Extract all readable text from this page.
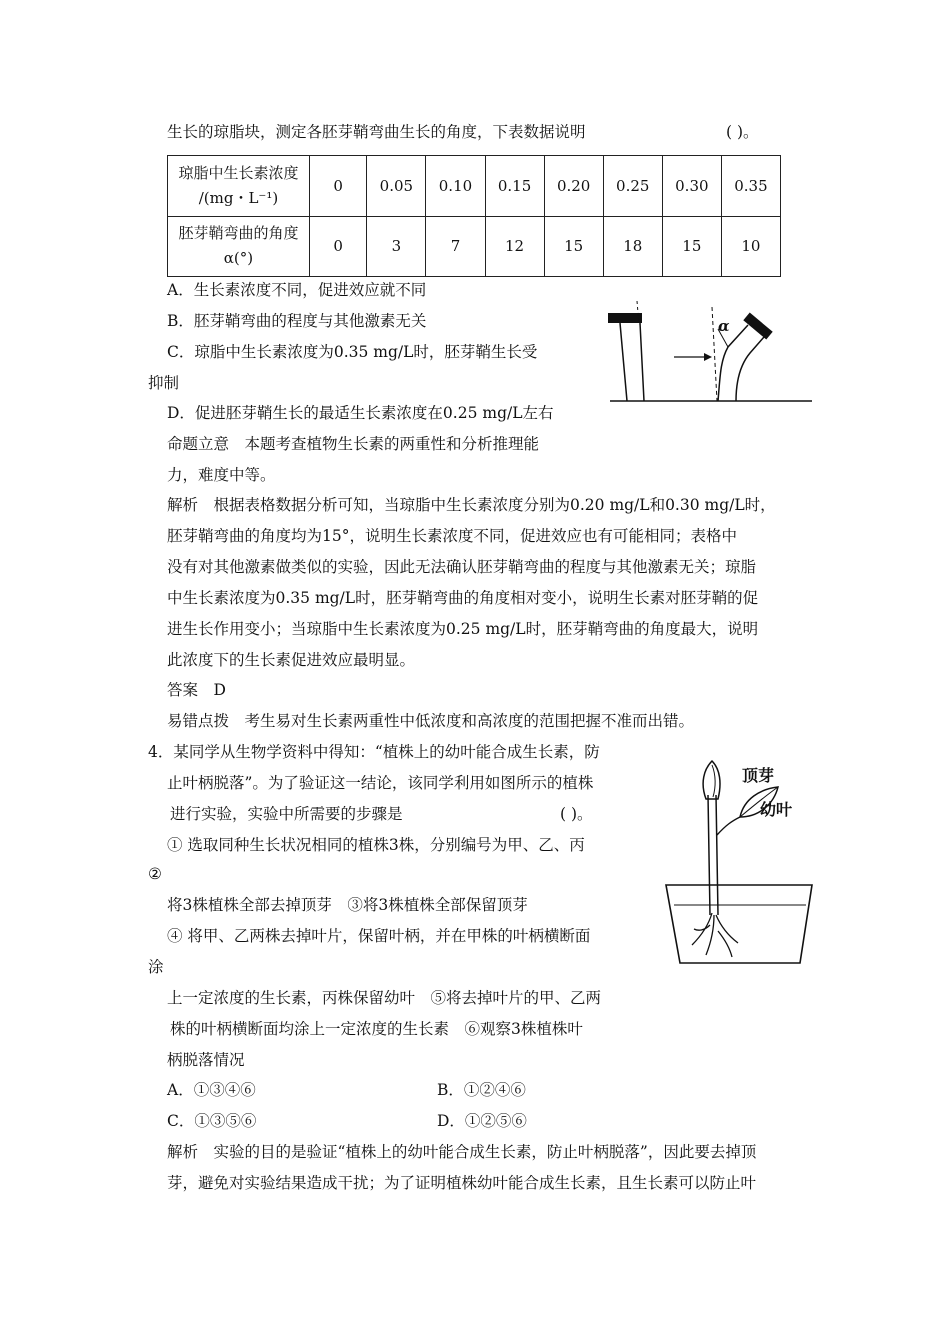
生长的琼脂块，测定各胚芽鞘弯曲生长的角度，下表数据说明	( )。
琼脂中生长素浓度
/(mg・L⁻¹)	0	0.05	0.10	0.15	0.20	0.25	0.30	0.35

胚芽鞘弯曲的角度
α(°)	0	3	7	12	15	18	15	10
A．生长素浓度不同，促进效应就不同
B．胚芽鞘弯曲的程度与其他激素无关
C．琼脂中生长素浓度为0.35 mg/L时，胚芽鞘生长受
抑制
D．促进胚芽鞘生长的最适生长素浓度在0.25 mg/L左右
命题立意　本题考查植物生长素的两重性和分析推理能
力，难度中等。
α
解析　根据表格数据分析可知，当琼脂中生长素浓度分别为0.20 mg/L和0.30 mg/L时，
胚芽鞘弯曲的角度均为15°，说明生长素浓度不同，促进效应也有可能相同；表格中
没有对其他激素做类似的实验，因此无法确认胚芽鞘弯曲的程度与其他激素无关；琼脂
中生长素浓度为0.35 mg/L时，胚芽鞘弯曲的角度相对变小，说明生长素对胚芽鞘的促
进生长作用变小；当琼脂中生长素浓度为0.25 mg/L时，胚芽鞘弯曲的角度最大，说明
此浓度下的生长素促进效应最明显。
答案　D
易错点拨　考生易对生长素两重性中低浓度和高浓度的范围把握不准而出错。
4．某同学从生物学资料中得知：“植株上的幼叶能合成生长素，防
止叶柄脱落”。为了验证这一结论，该同学利用如图所示的植株
进行实验，实验中所需要的步骤是	( )。
① 选取同种生长状况相同的植株3株，分别编号为甲、乙、丙
②
将3株植株全部去掉顶芽　③将3株植株全部保留顶芽
④ 将甲、乙两株去掉叶片，保留叶柄，并在甲株的叶柄横断面
涂
上一定浓度的生长素，丙株保留幼叶　⑤将去掉叶片的甲、乙两
株的叶柄横断面均涂上一定浓度的生长素　⑥观察3株植株叶
柄脱落情况
A．①③④⑥	B．①②④⑥
C．①③⑤⑥	D．①②⑤⑥
解析　实验的目的是验证“植株上的幼叶能合成生长素，防止叶柄脱落”，因此要去掉顶
芽，避免对实验结果造成干扰；为了证明植株幼叶能合成生长素，且生长素可以防止叶
顶芽
幼叶
